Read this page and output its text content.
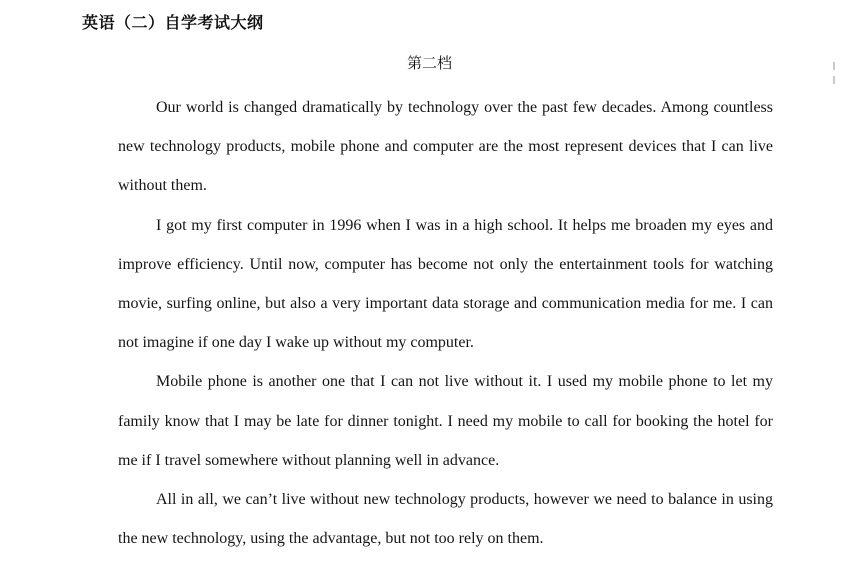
英语（二）自学考试大纲
第二档

Our world is changed dramatically by technology over the past few decades. Among countless new technology products, mobile phone and computer are the most represent devices that I can live without them.

I got my first computer in 1996 when I was in a high school. It helps me broaden my eyes and improve efficiency. Until now, computer has become not only the entertainment tools for watching movie, surfing online, but also a very important data storage and communication media for me. I can not imagine if one day I wake up without my computer.

Mobile phone is another one that I can not live without it. I used my mobile phone to let my family know that I may be late for dinner tonight. I need my mobile to call for booking the hotel for me if I travel somewhere without planning well in advance.

All in all, we can’t live without new technology products, however we need to balance in using the new technology, using the advantage, but not too rely on them.
